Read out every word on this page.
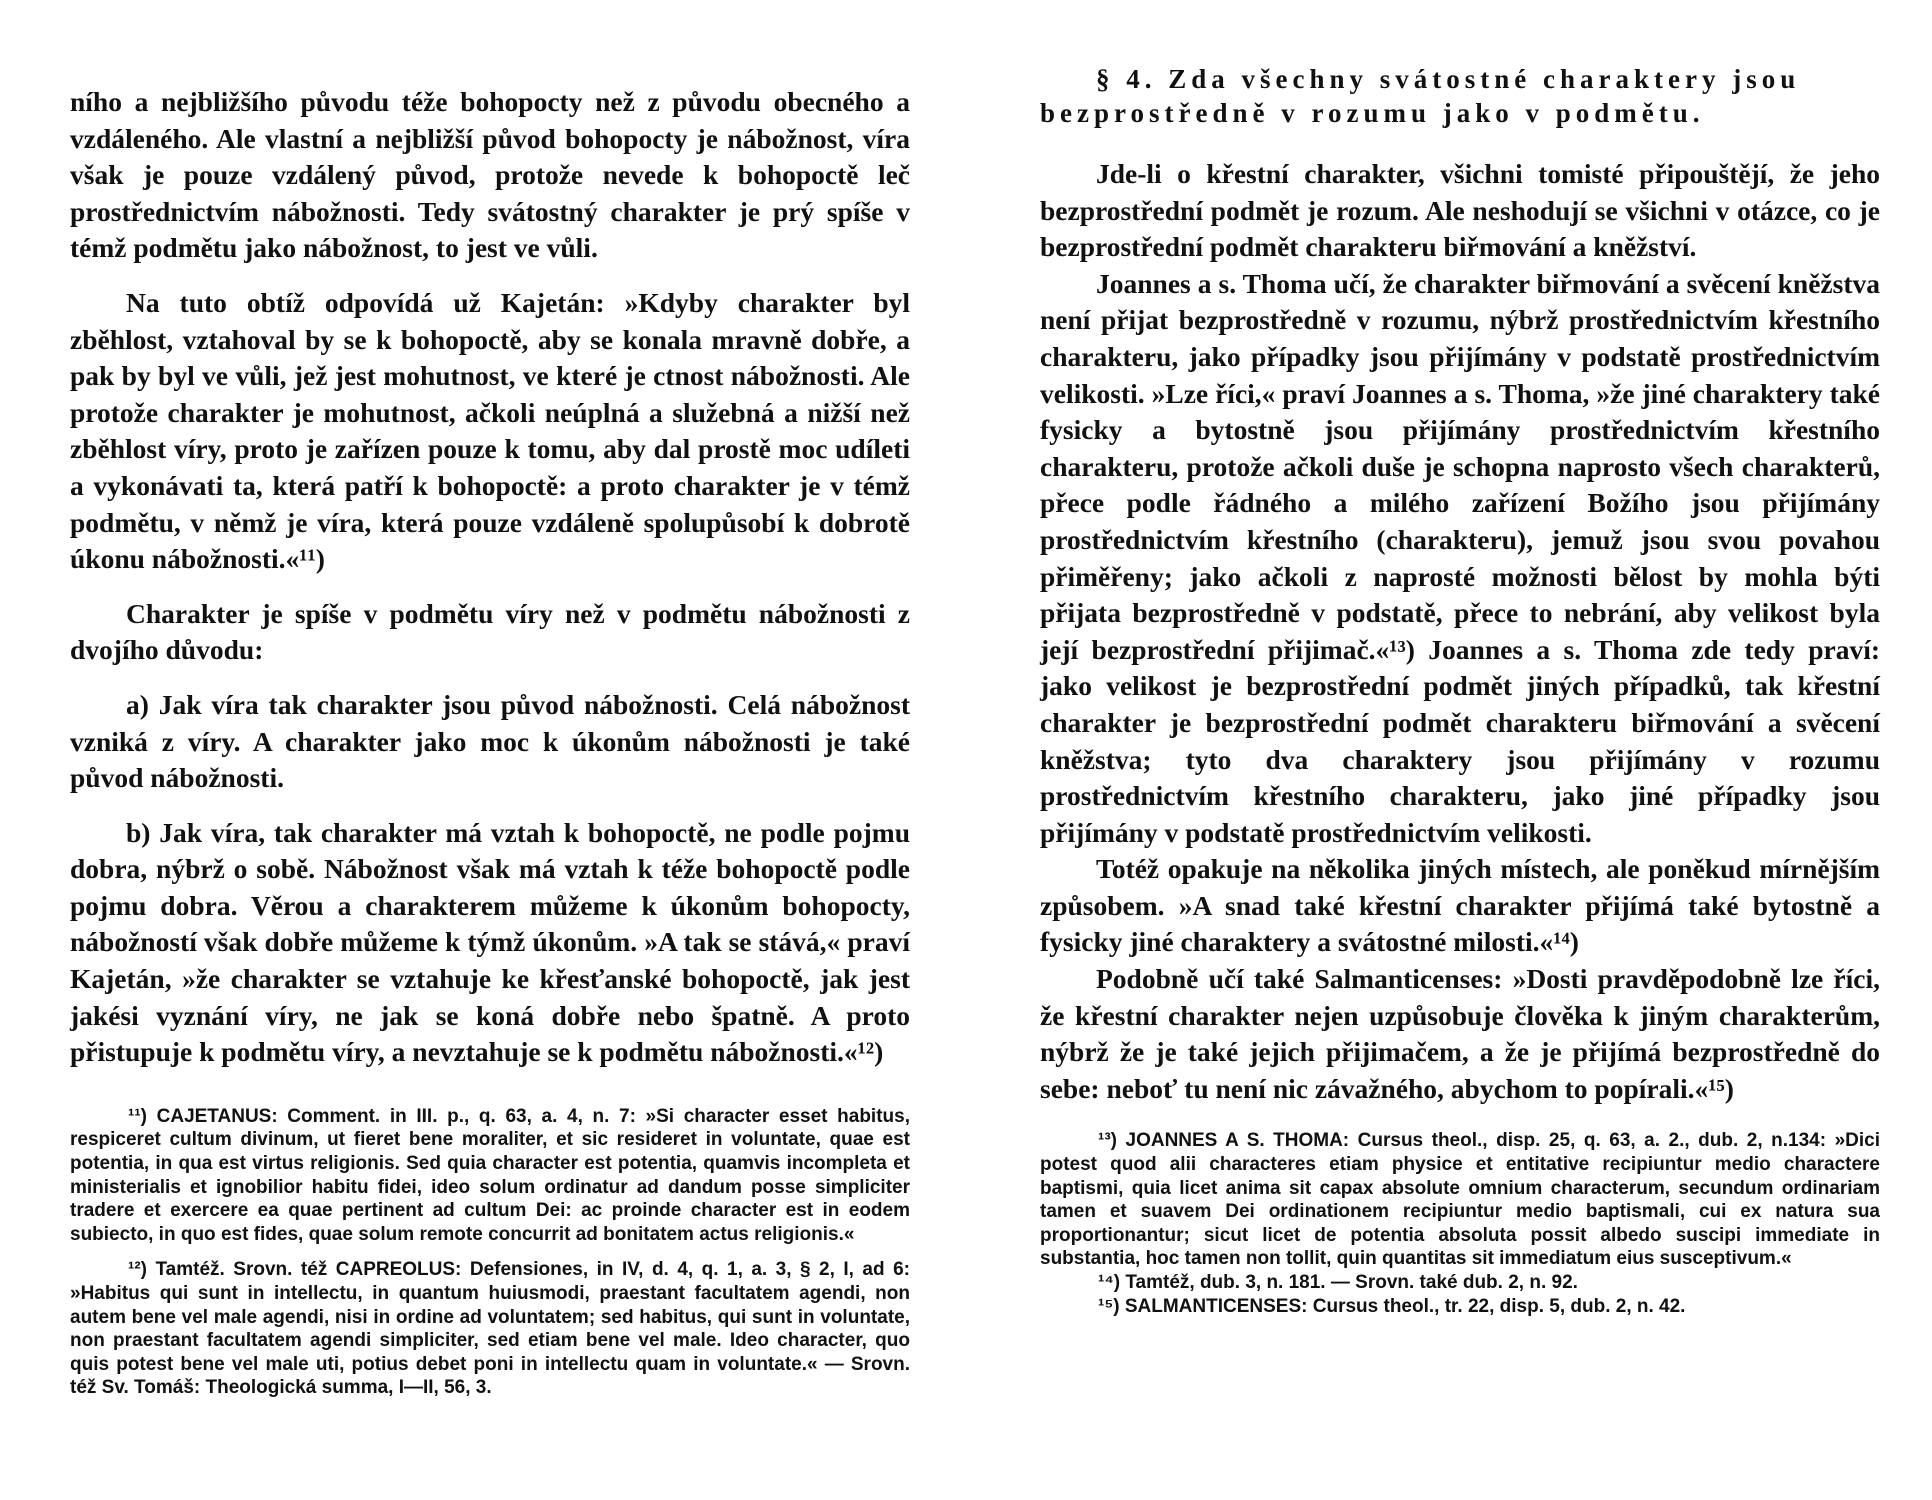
ního a nejbližšího původu téže bohopocty než z původu obecného a vzdáleného. Ale vlastní a nejbližší původ bohopocty je nábožnost, víra však je pouze vzdálený původ, protože nevede k bohopoctě leč prostřednictvím nábožnosti. Tedy svátostný charakter je prý spíše v témž podmětu jako nábožnost, to jest ve vůli.

Na tuto obtíž odpovídá už Kajetán: »Kdyby charakter byl zběhlost, vztahoval by se k bohopoctě, aby se konala mravně dobře, a pak by byl ve vůli, jež jest mohutnost, ve které je ctnost nábožnosti. Ale protože charakter je mohutnost, ačkoli neúplná a služebná a nižší než zběhlost víry, proto je zařízen pouze k tomu, aby dal prostě moc udíleti a vykonávati ta, která patří k bohopoctě: a proto charakter je v témž podmětu, v němž je víra, která pouze vzdáleně spolupůsobí k dobrotě úkonu nábožnosti.«¹¹)

Charakter je spíše v podmětu víry než v podmětu nábožnosti z dvojího důvodu:

a) Jak víra tak charakter jsou původ nábožnosti. Celá nábožnost vzniká z víry. A charakter jako moc k úkonům nábožnosti je také původ nábožnosti.

b) Jak víra, tak charakter má vztah k bohopoctě, ne podle pojmu dobra, nýbrž o sobě. Nábožnost však má vztah k téže bohopoctě podle pojmu dobra. Věrou a charakterem můžeme k úkonům bohopocty, nábožností však dobře můžeme k týmž úkonům. »A tak se stává,« praví Kajetán, »že charakter se vztahuje ke křesťanské bohopoctě, jak jest jakési vyznání víry, ne jak se koná dobře nebo špatně. A proto přistupuje k podmětu víry, a nevztahuje se k podmětu nábožnosti.«¹²)

¹¹) CAJETANUS: Comment. in III. p., q. 63, a. 4, n. 7: »Si character esset habitus, respiceret cultum divinum, ut fieret bene moraliter, et sic resideret in voluntate, quae est potentia, in qua est virtus religionis. Sed quia character est potentia, quamvis incompleta et ministerialis et ignobilior habitu fidei, ideo solum ordinatur ad dandum posse simpliciter tradere et exercere ea quae pertinent ad cultum Dei: ac proinde character est in eodem subiecto, in quo est fides, quae solum remote concurrit ad bonitatem actus religionis.«

¹²) Tamtéž. Srovn. též CAPREOLUS: Defensiones, in IV, d. 4, q. 1, a. 3, § 2, I, ad 6: »Habitus qui sunt in intellectu, in quantum huiusmodi, praestant facultatem agendi, non autem bene vel male agendi, nisi in ordine ad voluntatem; sed habitus, qui sunt in voluntate, non praestant facultatem agendi simpliciter, sed etiam bene vel male. Ideo character, quo quis potest bene vel male uti, potius debet poni in intellectu quam in voluntate.« — Srovn. též Sv. Tomáš: Theologická summa, I—II, 56, 3.

§ 4. Zda všechny svátostné charaktery jsou

bezprostředně v rozumu jako v podmětu.

Jde-li o křestní charakter, všichni tomisté připouštějí, že jeho bezprostřední podmět je rozum. Ale neshodují se všichni v otázce, co je bezprostřední podmět charakteru biřmování a kněžství.

Joannes a s. Thoma učí, že charakter biřmování a svěcení kněžstva není přijat bezprostředně v rozumu, nýbrž prostřednictvím křestního charakteru, jako případky jsou přijímány v podstatě prostřednictvím velikosti. »Lze říci,« praví Joannes a s. Thoma, »že jiné charaktery také fysicky a bytostně jsou přijímány prostřednictvím křestního charakteru, protože ačkoli duše je schopna naprosto všech charakterů, přece podle řádného a milého zařízení Božího jsou přijímány prostřednictvím křestního (charakteru), jemuž jsou svou povahou přiměřeny; jako ačkoli z naprosté možnosti bělost by mohla býti přijata bezprostředně v podstatě, přece to nebrání, aby velikost byla její bezprostřední přijimač.«¹³) Joannes a s. Thoma zde tedy praví: jako velikost je bezprostřední podmět jiných případků, tak křestní charakter je bezprostřední podmět charakteru biřmování a svěcení kněžstva; tyto dva charaktery jsou přijímány v rozumu prostřednictvím křestního charakteru, jako jiné případky jsou přijímány v podstatě prostřednictvím velikosti.

Totéž opakuje na několika jiných místech, ale poněkud mírnějším způsobem. »A snad také křestní charakter přijímá také bytostně a fysicky jiné charaktery a svátostné milosti.«¹⁴)

Podobně učí také Salmanticenses: »Dosti pravděpodobně lze říci, že křestní charakter nejen uzpůsobuje člověka k jiným charakterům, nýbrž že je také jejich přijimačem, a že je přijímá bezprostředně do sebe: neboť tu není nic závažného, abychom to popírali.«¹⁵)

¹³) JOANNES A S. THOMA: Cursus theol., disp. 25, q. 63, a. 2., dub. 2, n.134: »Dici potest quod alii characteres etiam physice et entitative recipiuntur medio charactere baptismi, quia licet anima sit capax absolute omnium characterum, secundum ordinariam tamen et suavem Dei ordinationem recipiuntur medio baptismali, cui ex natura sua proportionantur; sicut licet de potentia absoluta possit albedo suscipi immediate in substantia, hoc tamen non tollit, quin quantitas sit immediatum eius susceptivum.«

¹⁴) Tamtéž, dub. 3, n. 181. — Srovn. také dub. 2, n. 92.

¹⁵) SALMANTICENSES: Cursus theol., tr. 22, disp. 5, dub. 2, n. 42.
